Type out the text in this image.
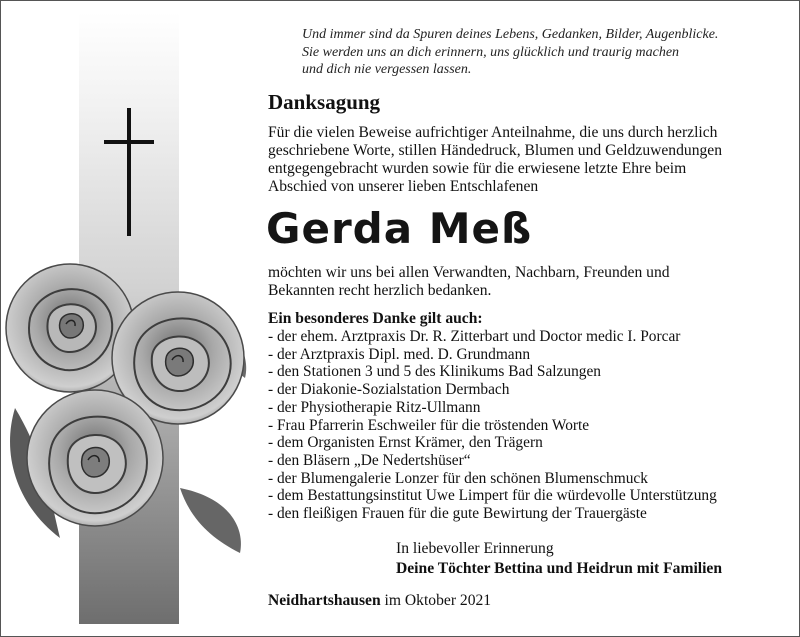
Und immer sind da Spuren deines Lebens, Gedanken, Bilder, Augenblicke.
Sie werden uns an dich erinnern, uns glücklich und traurig machen
und dich nie vergessen lassen.
Danksagung
Für die vielen Beweise aufrichtiger Anteilnahme, die uns durch herzlich
geschriebene Worte, stillen Händedruck, Blumen und Geldzuwendungen
entgegengebracht wurden sowie für die erwiesene letzte Ehre beim
Abschied von unserer lieben Entschlafenen
Gerda Meß
möchten wir uns bei allen Verwandten, Nachbarn, Freunden und
Bekannten recht herzlich bedanken.
Ein besonderes Danke gilt auch:
- der ehem. Arztpraxis Dr. R. Zitterbart und Doctor medic I. Porcar
- der Arztpraxis Dipl. med. D. Grundmann
- den Stationen 3 und 5 des Klinikums Bad Salzungen
- der Diakonie-Sozialstation Dermbach
- der Physiotherapie Ritz-Ullmann
- Frau Pfarrerin Eschweiler für die tröstenden Worte
- dem Organisten Ernst Krämer, den Trägern
- den Bläsern „De Nedertshüser“
- der Blumengalerie Lonzer für den schönen Blumenschmuck
- dem Bestattungsinstitut Uwe Limpert für die würdevolle Unterstützung
- den fleißigen Frauen für die gute Bewirtung der Trauergäste
In liebevoller Erinnerung
Deine Töchter Bettina und Heidrun mit Familien
Neidhartshausen im Oktober 2021
